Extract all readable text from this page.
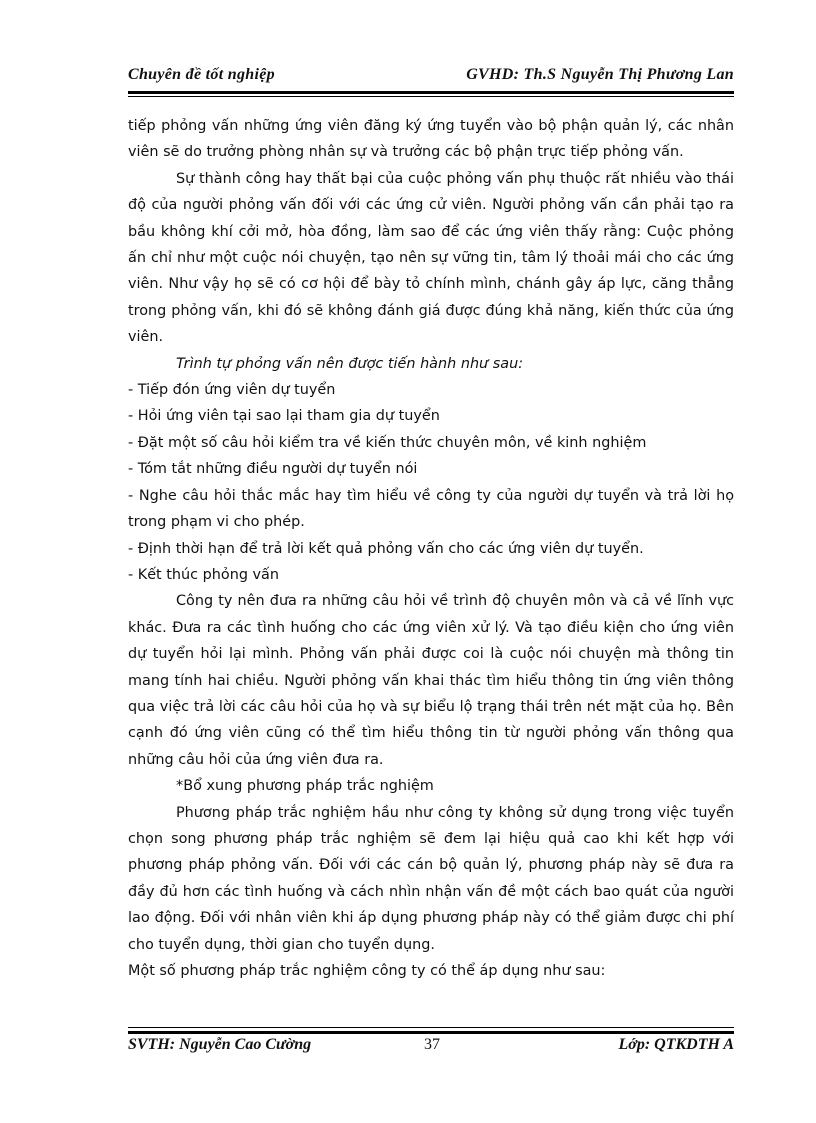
Chuyên đề tốt nghiệp	GVHD: Th.S Nguyễn Thị Phương Lan

tiếp phỏng vấn những ứng viên đăng ký ứng tuyển vào bộ phận quản lý, các nhân viên sẽ do trưởng phòng nhân sự và trưởng các bộ phận trực tiếp phỏng vấn.

Sự thành công hay thất bại của cuộc phỏng vấn phụ thuộc rất nhiều vào thái độ của người phỏng vấn đối với các ứng cử viên. Người phỏng vấn cần phải tạo ra bầu không khí cởi mở, hòa đồng, làm sao để các ứng viên thấy rằng: Cuộc phỏng ấn chỉ như một cuộc nói chuyện, tạo nên sự vững tin, tâm lý thoải mái cho các ứng viên. Như vậy họ sẽ có cơ hội để bày tỏ chính mình, chánh gây áp lực, căng thẳng trong phỏng vấn, khi đó sẽ không đánh giá được đúng khả năng, kiến thức của ứng viên.

Trình tự phỏng vấn nên được tiến hành như sau:

- Tiếp đón ứng viên dự tuyển

- Hỏi ứng viên tại sao lại tham gia dự tuyển

- Đặt một số câu hỏi kiểm tra về kiến thức chuyên môn, về kinh nghiệm

- Tóm tắt những điều người dự tuyển nói

- Nghe câu hỏi thắc mắc hay tìm hiểu về công ty của người dự tuyển và trả lời họ trong phạm vi cho phép.

- Định thời hạn để trả lời kết quả phỏng vấn cho các ứng viên dự tuyển.

- Kết thúc phỏng vấn

Công ty nên đưa ra những câu hỏi về trình độ chuyên môn và cả về lĩnh vực khác. Đưa ra các tình huống cho các ứng viên xử lý. Và tạo điều kiện cho ứng viên dự tuyển hỏi lại mình. Phỏng vấn phải được coi là cuộc nói chuyện mà thông tin mang tính hai chiều. Người phỏng vấn khai thác tìm hiểu thông tin ứng viên thông qua việc trả lời các câu hỏi của họ và sự biểu lộ trạng thái trên nét mặt của họ. Bên cạnh đó ứng viên cũng có thể tìm hiểu thông tin từ người phỏng vấn thông qua những câu hỏi của ứng viên đưa ra.

*Bổ xung phương pháp trắc nghiệm

Phương pháp trắc nghiệm hầu như công ty không sử dụng trong việc tuyển chọn song phương pháp trắc nghiệm sẽ đem lại hiệu quả cao khi kết hợp với phương pháp phỏng vấn. Đối với các cán bộ quản lý, phương pháp này sẽ đưa ra đầy đủ hơn các tình huống và cách nhìn nhận vấn đề một cách bao quát của người lao động. Đối với nhân viên khi áp dụng phương pháp này có thể giảm được chi phí cho tuyển dụng, thời gian cho tuyển dụng.

Một số phương pháp trắc nghiệm công ty có thể áp dụng như sau:

SVTH: Nguyễn Cao Cường	37	Lớp: QTKDTH A
